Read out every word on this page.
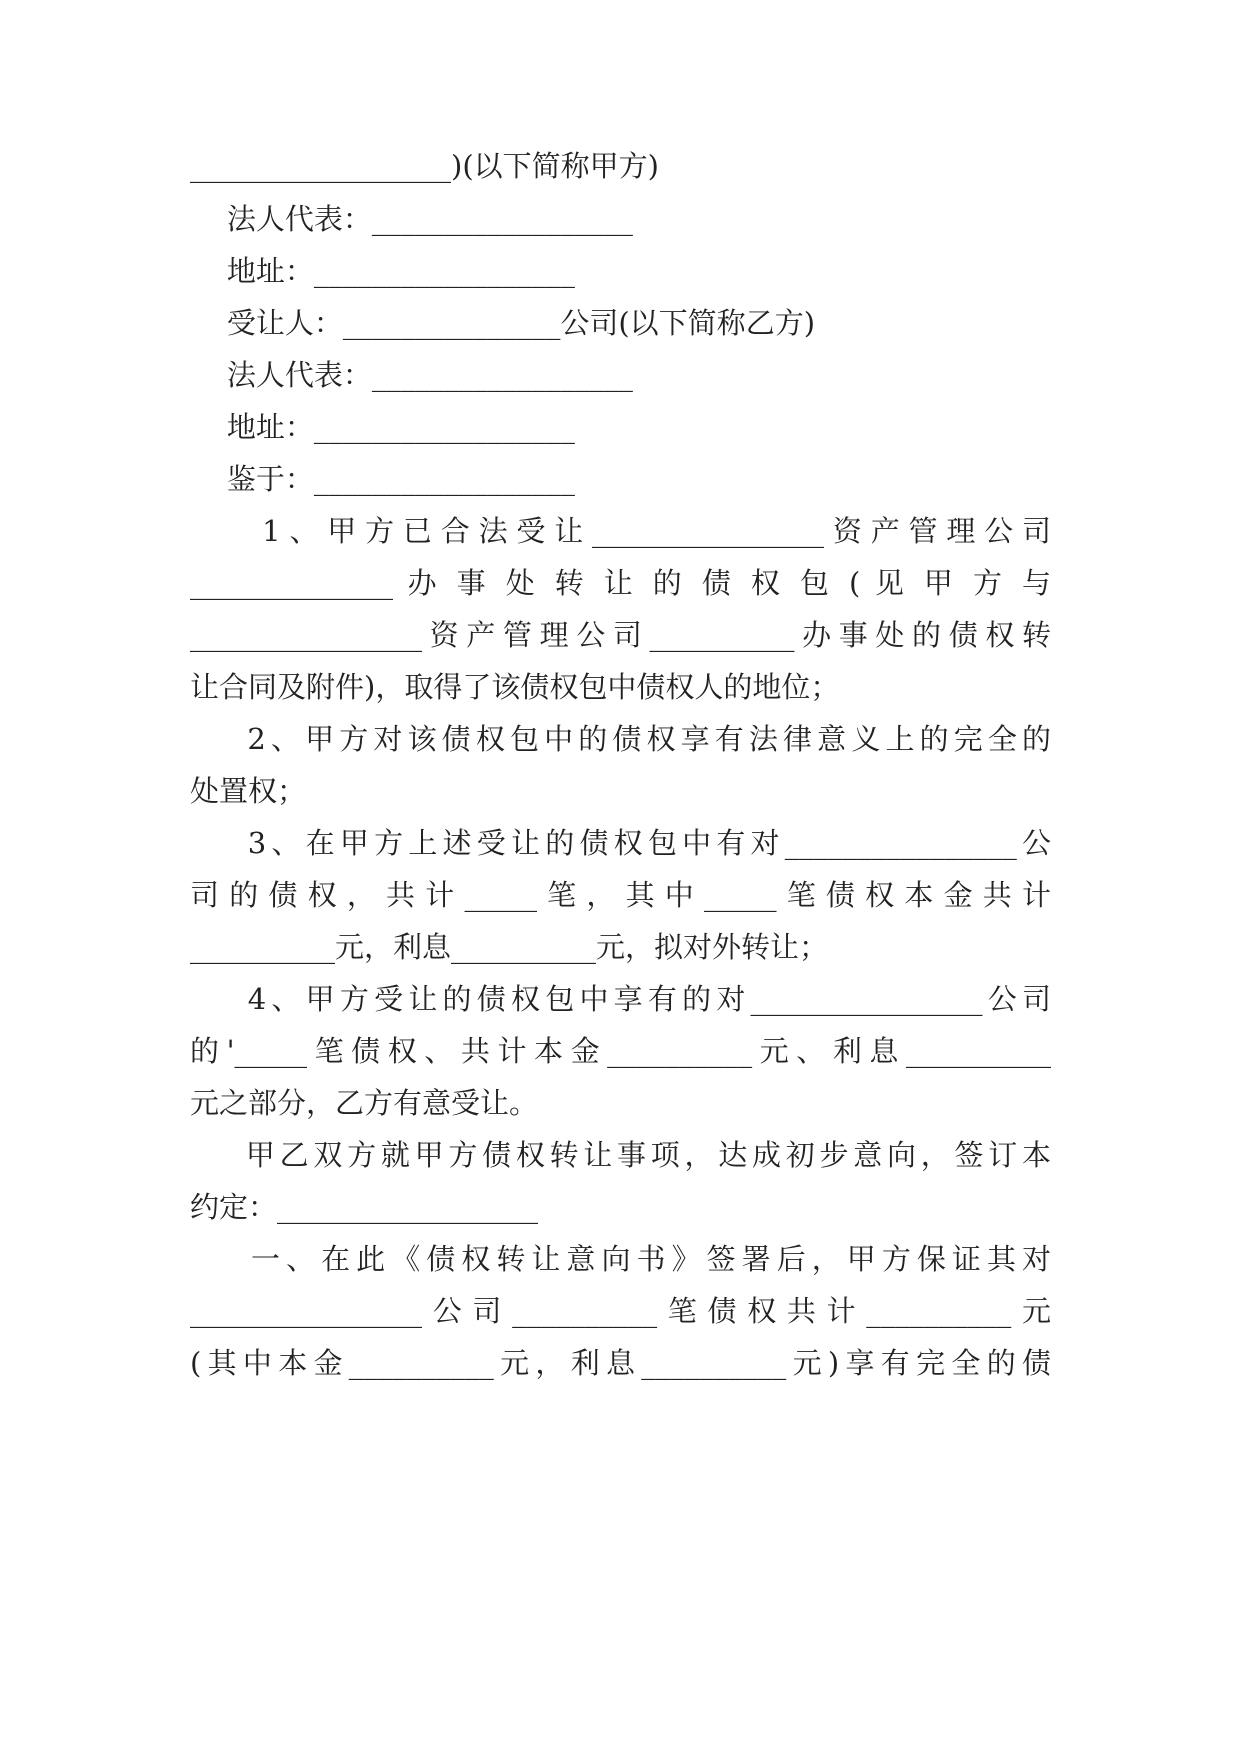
__________________)(以下简称甲方)

法人代表：__________________

地址：__________________

受让人：_______________公司(以下简称乙方)

法人代表：__________________

地址：__________________

鉴于：__________________

1、甲方已合法受让________________资产管理公司

______________ 办 事 处 转 让 的 债 权 包 ( 见 甲 方 与

________________资产管理公司__________办事处的债权转

让合同及附件)，取得了该债权包中债权人的地位；

2、甲方对该债权包中的债权享有法律意义上的完全的

处置权；

3、在甲方上述受让的债权包中有对________________公

司的债权，共计_____笔，其中_____笔债权本金共计

__________元，利息__________元，拟对外转让；

4、甲方受让的债权包中享有的对________________公司

的'_____笔债权、共计本金__________元、利息__________

元之部分，乙方有意受让。

甲乙双方就甲方债权转让事项，达成初步意向，签订本

约定：__________________

一、在此《债权转让意向书》签署后，甲方保证其对

________________公司__________笔债权共计__________元

(其中本金__________元，利息__________元)享有完全的债
